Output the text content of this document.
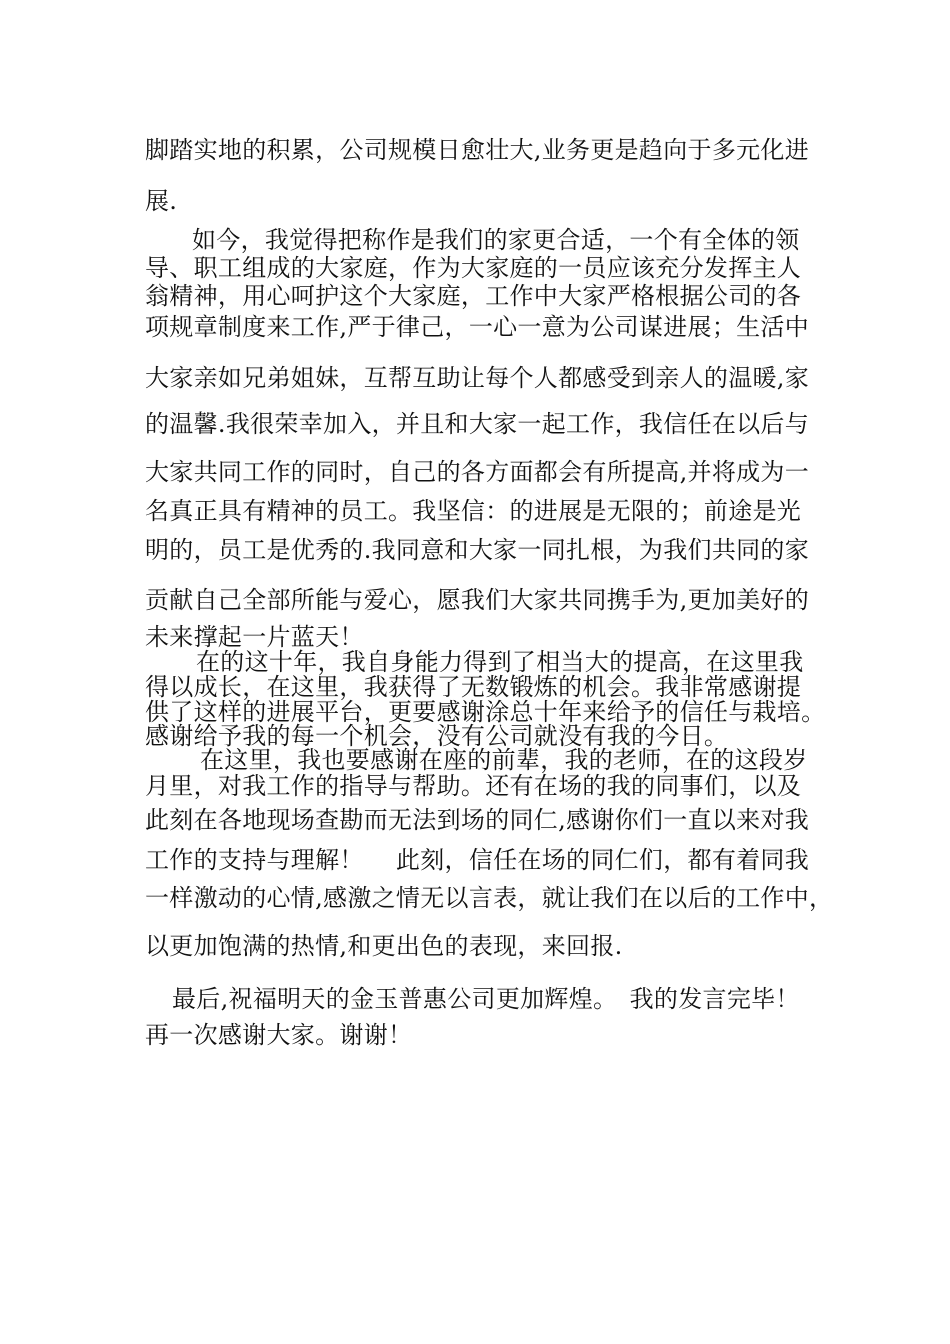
脚踏实地的积累，公司规模日愈壮大,业务更是趋向于多元化进
展.
如今，我觉得把称作是我们的家更合适，一个有全体的领
导、职工组成的大家庭，作为大家庭的一员应该充分发挥主人
翁精神，用心呵护这个大家庭，工作中大家严格根据公司的各
项规章制度来工作,严于律己，一心一意为公司谋进展；生活中
大家亲如兄弟姐妹，互帮互助让每个人都感受到亲人的温暖,家
的温馨.我很荣幸加入，并且和大家一起工作，我信任在以后与
大家共同工作的同时，自己的各方面都会有所提高,并将成为一
名真正具有精神的员工。我坚信：的进展是无限的；前途是光
明的，员工是优秀的.我同意和大家一同扎根，为我们共同的家
贡献自己全部所能与爱心，愿我们大家共同携手为,更加美好的
未来撑起一片蓝天！
在的这十年，我自身能力得到了相当大的提高，在这里我
得以成长，在这里，我获得了无数锻炼的机会。我非常感谢提
供了这样的进展平台，更要感谢涂总十年来给予的信任与栽培。
感谢给予我的每一个机会，没有公司就没有我的今日。
在这里，我也要感谢在座的前辈，我的老师，在的这段岁
月里，对我工作的指导与帮助。还有在场的我的同事们，以及
此刻在各地现场查勘而无法到场的同仁,感谢你们一直以来对我
工作的支持与理解！　 此刻，信任在场的同仁们，都有着同我
一样激动的心情,感激之情无以言表，就让我们在以后的工作中，
以更加饱满的热情,和更出色的表现，来回报.
最后,祝福明天的金玉普惠公司更加辉煌。　我的发言完毕！
再一次感谢大家。谢谢！
